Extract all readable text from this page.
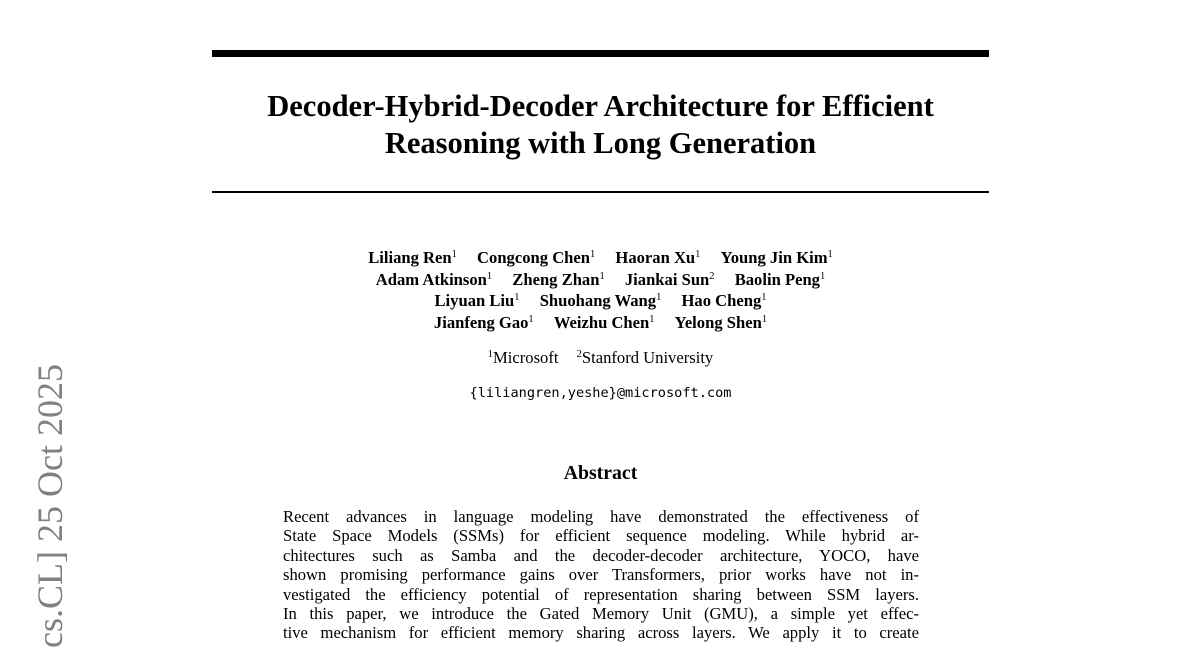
Decoder-Hybrid-Decoder Architecture for Efficient
Reasoning with Long Generation
Liliang Ren$^1$ Congcong Chen$^1$ Haoran Xu$^1$ Young Jin Kim$^1$
Adam Atkinson$^1$ Zheng Zhan$^1$ Jiankai Sun$^2$ Baolin Peng$^1$
Liyuan Liu$^1$ Shuohang Wang$^1$ Hao Cheng$^1$
Jianfeng Gao$^1$ Weizhu Chen$^1$ Yelong Shen$^1$
$^1$Microsoft $^2$Stanford University
{liliangren,yeshe}@microsoft.com
Abstract
Recent advances in language modeling have demonstrated the effectiveness of
State Space Models (SSMs) for efficient sequence modeling. While hybrid ar-
chitectures such as Samba and the decoder-decoder architecture, YOCO, have
shown promising performance gains over Transformers, prior works have not in-
vestigated the efficiency potential of representation sharing between SSM layers.
In this paper, we introduce the Gated Memory Unit (GMU), a simple yet effec-
tive mechanism for efficient memory sharing across layers. We apply it to create
cs.CL] 25 Oct 2025
